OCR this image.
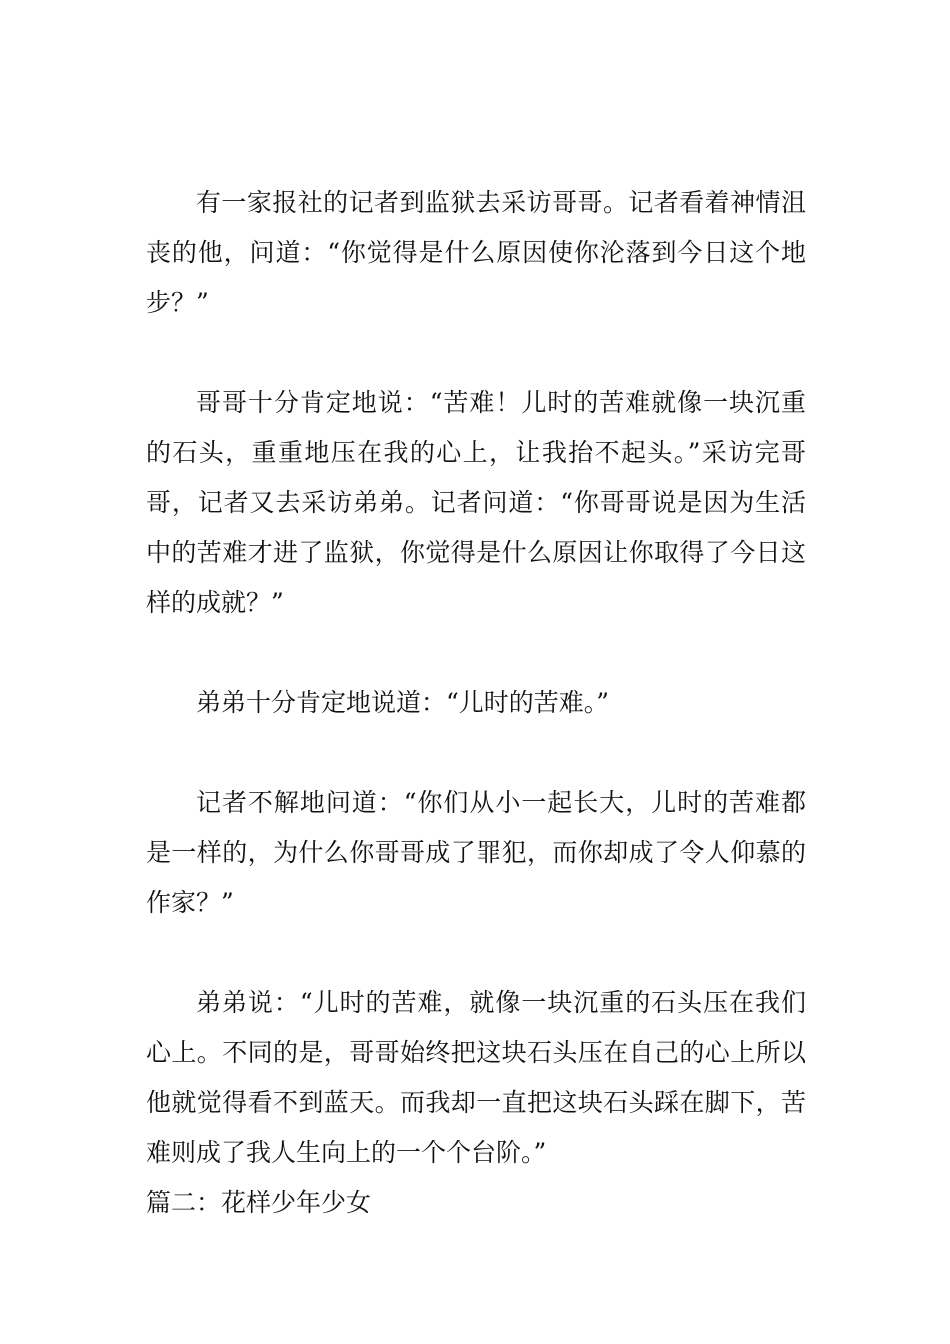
有一家报社的记者到监狱去采访哥哥。记者看着神情沮丧的他，问道：“你觉得是什么原因使你沦落到今日这个地步？”

哥哥十分肯定地说：“苦难！儿时的苦难就像一块沉重的石头，重重地压在我的心上，让我抬不起头。”采访完哥哥，记者又去采访弟弟。记者问道：“你哥哥说是因为生活中的苦难才进了监狱，你觉得是什么原因让你取得了今日这样的成就？”

弟弟十分肯定地说道：“儿时的苦难。”

记者不解地问道：“你们从小一起长大，儿时的苦难都是一样的，为什么你哥哥成了罪犯，而你却成了令人仰慕的作家？”

弟弟说：“儿时的苦难，就像一块沉重的石头压在我们心上。不同的是，哥哥始终把这块石头压在自己的心上所以他就觉得看不到蓝天。而我却一直把这块石头踩在脚下，苦难则成了我人生向上的一个个台阶。”

篇二：花样少年少女
